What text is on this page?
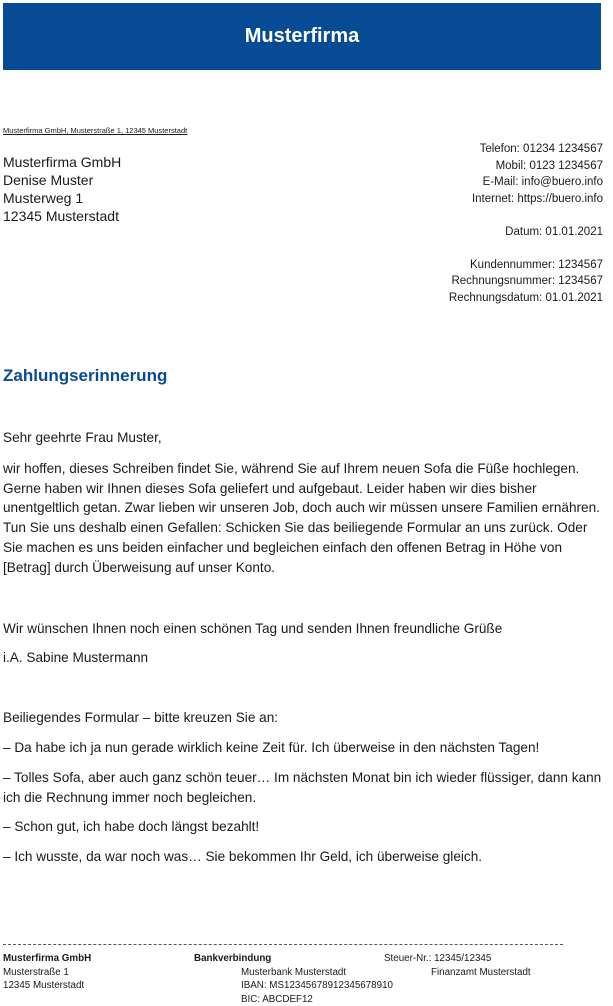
Musterfirma
Musterfirma GmbH, Musterstraße 1, 12345 Musterstadt
Musterfirma GmbH
Denise Muster
Musterweg 1
12345 Musterstadt
Telefon: 01234 1234567
Mobil: 0123 1234567
E-Mail: info@buero.info
Internet: https://buero.info
Datum: 01.01.2021
Kundennummer: 1234567
Rechnungsnummer: 1234567
Rechnungsdatum: 01.01.2021
Zahlungserinnerung

Sehr geehrte Frau Muster,

wir hoffen, dieses Schreiben findet Sie, während Sie auf Ihrem neuen Sofa die Füße hochlegen. Gerne haben wir Ihnen dieses Sofa geliefert und aufgebaut. Leider haben wir dies bisher unentgeltlich getan. Zwar lieben wir unseren Job, doch auch wir müssen unsere Familien ernähren. Tun Sie uns deshalb einen Gefallen: Schicken Sie das beiliegende Formular an uns zurück. Oder Sie machen es uns beiden einfacher und begleichen einfach den offenen Betrag in Höhe von [Betrag] durch Überweisung auf unser Konto.

Wir wünschen Ihnen noch einen schönen Tag und senden Ihnen freundliche Grüße

i.A. Sabine Mustermann

Beiliegendes Formular – bitte kreuzen Sie an:

– Da habe ich ja nun gerade wirklich keine Zeit für. Ich überweise in den nächsten Tagen!

– Tolles Sofa, aber auch ganz schön teuer… Im nächsten Monat bin ich wieder flüssiger, dann kann ich die Rechnung immer noch begleichen.

– Schon gut, ich habe doch längst bezahlt!

– Ich wusste, da war noch was… Sie bekommen Ihr Geld, ich überweise gleich.

Musterfirma GmbH
Musterstraße 1
12345 Musterstadt
Bankverbindung
Musterbank Musterstadt
IBAN: MS12345678912345678910
BIC: ABCDEF12
Steuer-Nr.: 12345/12345
Finanzamt Musterstadt
